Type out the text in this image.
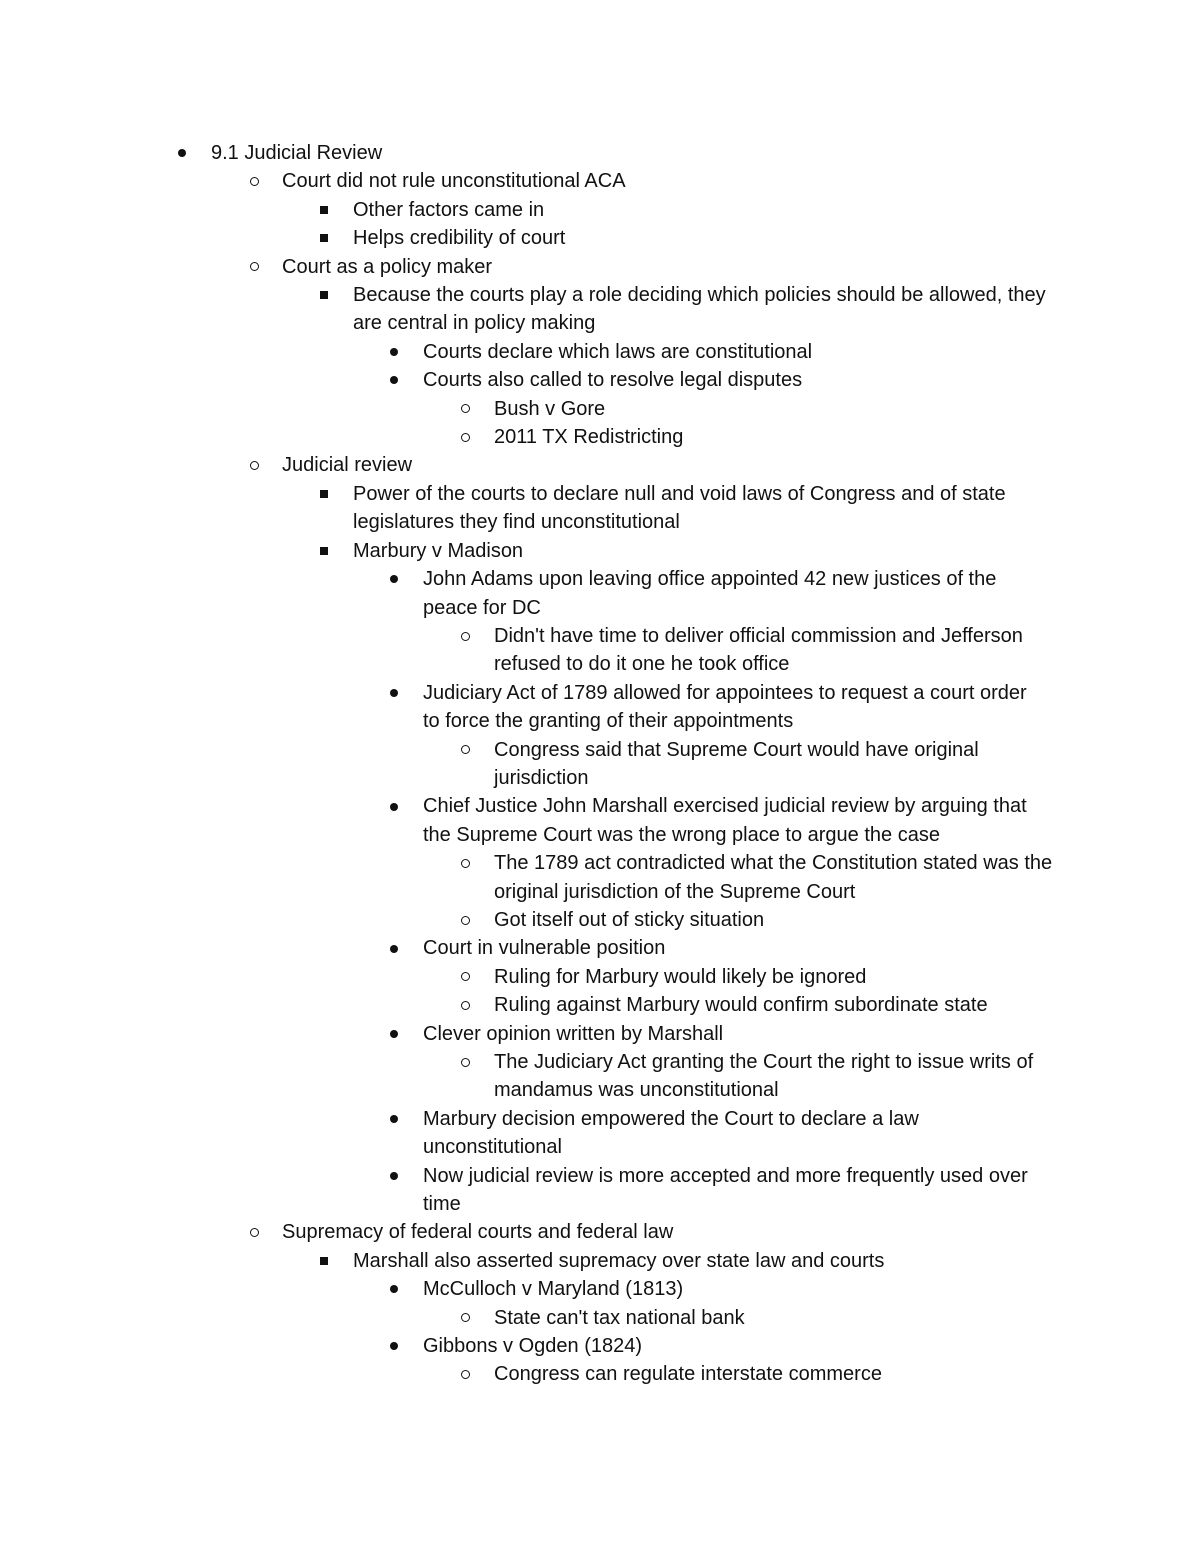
9.1 Judicial Review
Court did not rule unconstitutional ACA
Other factors came in
Helps credibility of court
Court as a policy maker
Because the courts play a role deciding which policies should be allowed, they are central in policy making
Courts declare which laws are constitutional
Courts also called to resolve legal disputes
Bush v Gore
2011 TX Redistricting
Judicial review
Power of the courts to declare null and void laws of Congress and of state legislatures they find unconstitutional
Marbury v Madison
John Adams upon leaving office appointed 42 new justices of the peace for DC
Didn't have time to deliver official commission and Jefferson refused to do it one he took office
Judiciary Act of 1789 allowed for appointees to request a court order to force the granting of their appointments
Congress said that Supreme Court would have original jurisdiction
Chief Justice John Marshall exercised judicial review by arguing that the Supreme Court was the wrong place to argue the case
The 1789 act contradicted what the Constitution stated was the original jurisdiction of the Supreme Court
Got itself out of sticky situation
Court in vulnerable position
Ruling for Marbury would likely be ignored
Ruling against Marbury would confirm subordinate state
Clever opinion written by Marshall
The Judiciary Act granting the Court the right to issue writs of mandamus was unconstitutional
Marbury decision empowered the Court to declare a law unconstitutional
Now judicial review is more accepted and more frequently used over time
Supremacy of federal courts and federal law
Marshall also asserted supremacy over state law and courts
McCulloch v Maryland (1813)
State can't tax national bank
Gibbons v Ogden (1824)
Congress can regulate interstate commerce
